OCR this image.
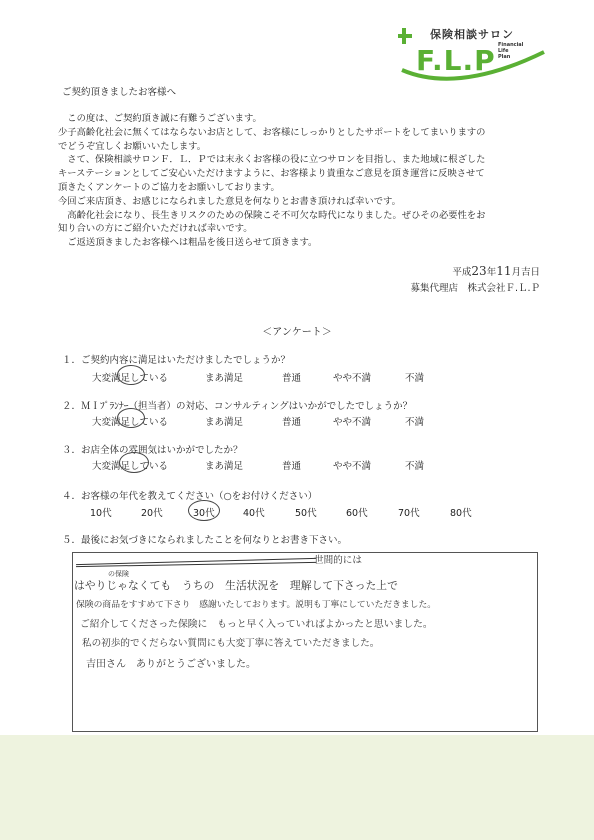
保険相談サロン
F.L.P Financial
Life
Plan
ご契約頂きましたお客様へ

　この度は、ご契約頂き誠に有難うございます。

少子高齢化社会に無くてはならないお店として、お客様にしっかりとしたサポートをしてまいりますの

でどうぞ宜しくお願いいたします。

　さて、保険相談サロンＦ．Ｌ．Ｐでは末永くお客様の役に立つサロンを目指し、また地域に根ざした

キーステーションとしてご安心いただけますように、お客様より貴重なご意見を頂き運営に反映させて

頂きたくアンケートのご協力をお願いしております。

今回ご来店頂き、お感じになられました意見を何なりとお書き頂ければ幸いです。

　高齢化社会になり、長生きリスクのための保険こそ不可欠な時代になりました。ぜひその必要性をお

知り合いの方にご紹介いただければ幸いです。

　ご返送頂きましたお客様へは粗品を後日送らせて頂きます。

平成23年11月吉日
募集代理店　株式会社Ｆ.Ｌ.Ｐ
＜アンケート＞
１．ご契約内容に満足はいただけましたでしょうか？
大変満足している	まあ満足	普通	やや不満	不満
２．ＭＩﾌﾟﾗﾝﾅｰ（担当者）の対応、コンサルティングはいかがでしたでしょうか？
大変満足している	まあ満足	普通	やや不満	不満
３．お店全体の雰囲気はいかがでしたか？
大変満足している	まあ満足	普通	やや不満	不満
４．お客様の年代を教えてください（○をお付けください）
10代	20代	30代	40代	50代	60代	70代	80代
５．最後にお気づきになられましたことを何なりとお書き下さい。
世間的には
の保険
はやりじゃなくても　うちの　生活状況を　理解して下さった上で
保険の商品をすすめて下さり　感謝いたしております。説明も丁寧にしていただきました。
ご紹介してくださった保険に　もっと早く入っていればよかったと思いました。
私の初歩的でくだらない質問にも大変丁寧に答えていただきました。
吉田さん　ありがとうございました。
